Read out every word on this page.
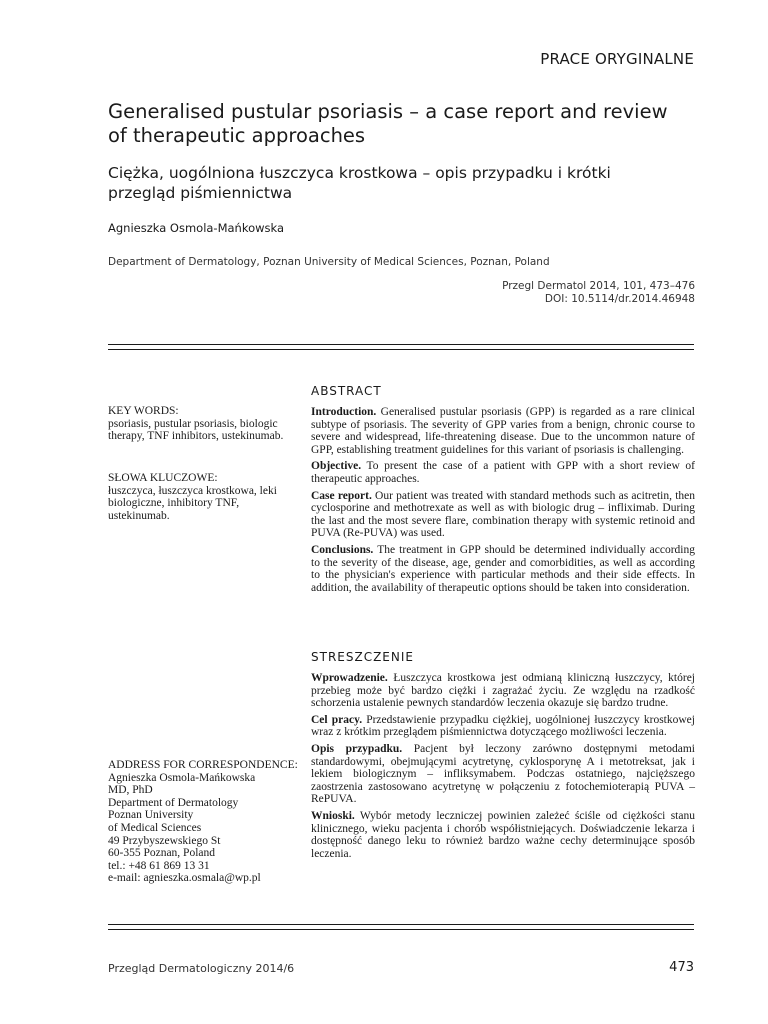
PRACE ORYGINALNE
Generalised pustular psoriasis – a case report and review of therapeutic approaches
Ciężka, uogólniona łuszczyca krostkowa – opis przypadku i krótki przegląd piśmiennictwa
Agnieszka Osmola-Mańkowska
Department of Dermatology, Poznan University of Medical Sciences, Poznan, Poland
Przegl Dermatol 2014, 101, 473–476
DOI: 10.5114/dr.2014.46948

KEY WORDS:

psoriasis, pustular psoriasis, biologic therapy, TNF inhibitors, ustekinumab.

SŁOWA KLUCZOWE:

łuszczyca, łuszczyca krostkowa, leki biologiczne, inhibitory TNF, ustekinumab.

ADDRESS FOR CORRESPONDENCE:

Agnieszka Osmola-Mańkowska

MD, PhD

Department of Dermatology

Poznan University

of Medical Sciences

49 Przybyszewskiego St

60-355 Poznan, Poland

tel.: +48 61 869 13 31

e-mail: agnieszka.osmala@wp.pl

ABSTRACT

Introduction. Generalised pustular psoriasis (GPP) is regarded as a rare clinical subtype of psoriasis. The severity of GPP varies from a benign, chronic course to severe and widespread, life-threatening disease. Due to the uncommon nature of GPP, establishing treatment guidelines for this variant of psoriasis is challenging.

Objective. To present the case of a patient with GPP with a short review of therapeutic approaches.

Case report. Our patient was treated with standard methods such as acitretin, then cyclosporine and methotrexate as well as with biologic drug – infliximab. During the last and the most severe flare, combination therapy with systemic retinoid and PUVA (Re-PUVA) was used.

Conclusions. The treatment in GPP should be determined individually according to the severity of the disease, age, gender and comorbidities, as well as according to the physician's experience with particular methods and their side effects. In addition, the availability of therapeutic options should be taken into consideration.

STRESZCZENIE

Wprowadzenie. Łuszczyca krostkowa jest odmianą kliniczną łuszczycy, której przebieg może być bardzo ciężki i zagrażać życiu. Ze względu na rzadkość schorzenia ustalenie pewnych standardów leczenia okazuje się bardzo trudne.

Cel pracy. Przedstawienie przypadku ciężkiej, uogólnionej łuszczycy krostkowej wraz z krótkim przeglądem piśmiennictwa dotyczącego możliwości leczenia.

Opis przypadku. Pacjent był leczony zarówno dostępnymi metodami standardowymi, obejmującymi acytretynę, cyklosporynę A i metotreksat, jak i lekiem biologicznym – infliksymabem. Podczas ostatniego, najcięższego zaostrzenia zastosowano acytretynę w połączeniu z fotochemioterapią PUVA – RePUVA.

Wnioski. Wybór metody leczniczej powinien zależeć ściśle od ciężkości stanu klinicznego, wieku pacjenta i chorób współistniejących. Doświadczenie lekarza i dostępność danego leku to również bardzo ważne cechy determinujące sposób leczenia.

Przegląd Dermatologiczny 2014/6	473
